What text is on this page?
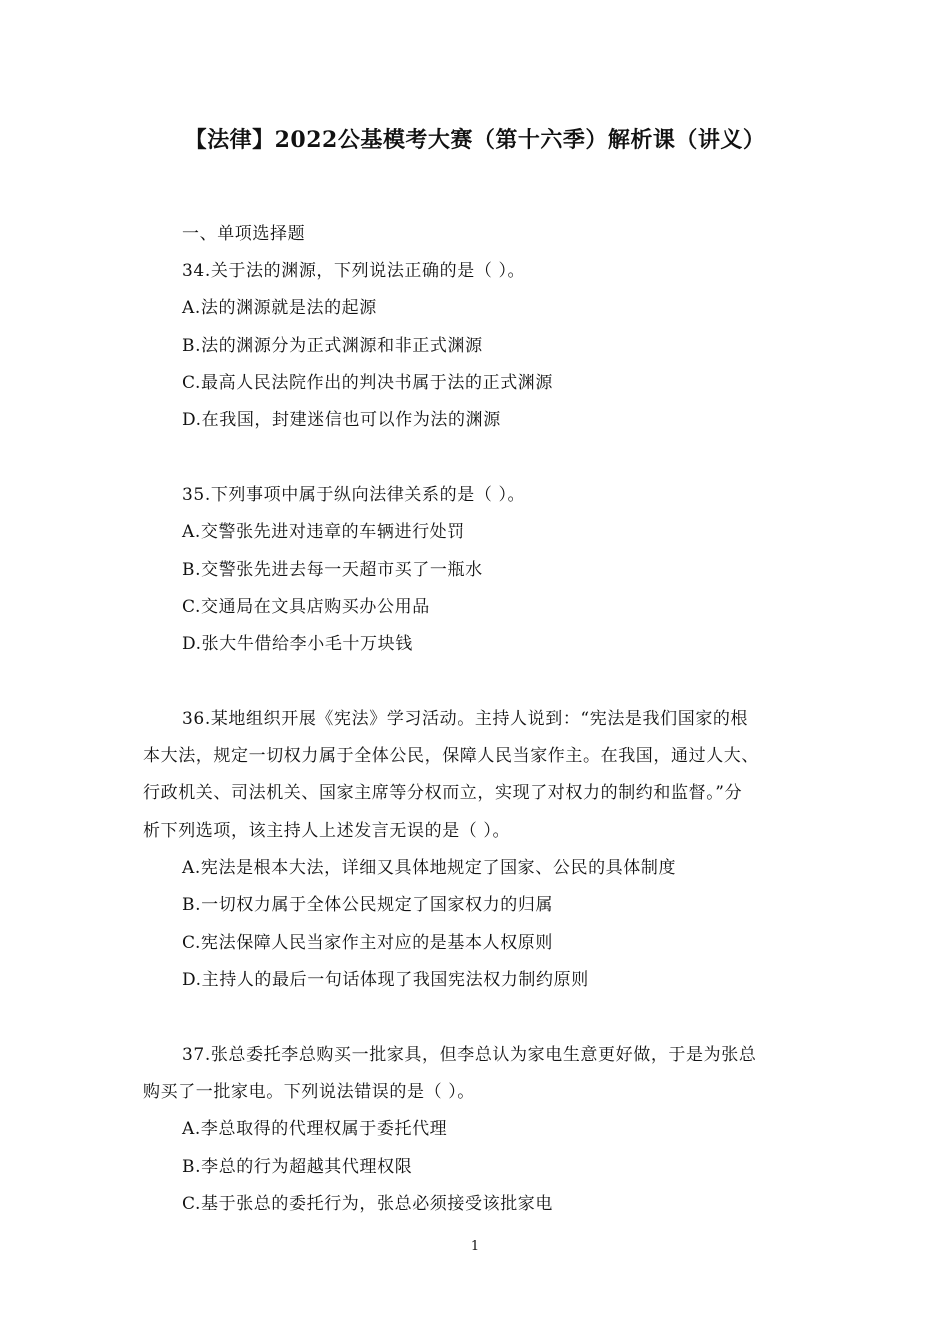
【法律】2022公基模考大赛（第十六季）解析课（讲义）
一、单项选择题
34.关于法的渊源，下列说法正确的是（ ）。
A.法的渊源就是法的起源
B.法的渊源分为正式渊源和非正式渊源
C.最高人民法院作出的判决书属于法的正式渊源
D.在我国，封建迷信也可以作为法的渊源
35.下列事项中属于纵向法律关系的是（ ）。
A.交警张先进对违章的车辆进行处罚
B.交警张先进去每一天超市买了一瓶水
C.交通局在文具店购买办公用品
D.张大牛借给李小毛十万块钱
36.某地组织开展《宪法》学习活动。主持人说到：“宪法是我们国家的根
本大法，规定一切权力属于全体公民，保障人民当家作主。在我国，通过人大、
行政机关、司法机关、国家主席等分权而立，实现了对权力的制约和监督。”分
析下列选项，该主持人上述发言无误的是（ ）。
A.宪法是根本大法，详细又具体地规定了国家、公民的具体制度
B.一切权力属于全体公民规定了国家权力的归属
C.宪法保障人民当家作主对应的是基本人权原则
D.主持人的最后一句话体现了我国宪法权力制约原则
37.张总委托李总购买一批家具，但李总认为家电生意更好做，于是为张总
购买了一批家电。下列说法错误的是（ ）。
A.李总取得的代理权属于委托代理
B.李总的行为超越其代理权限
C.基于张总的委托行为，张总必须接受该批家电
1
